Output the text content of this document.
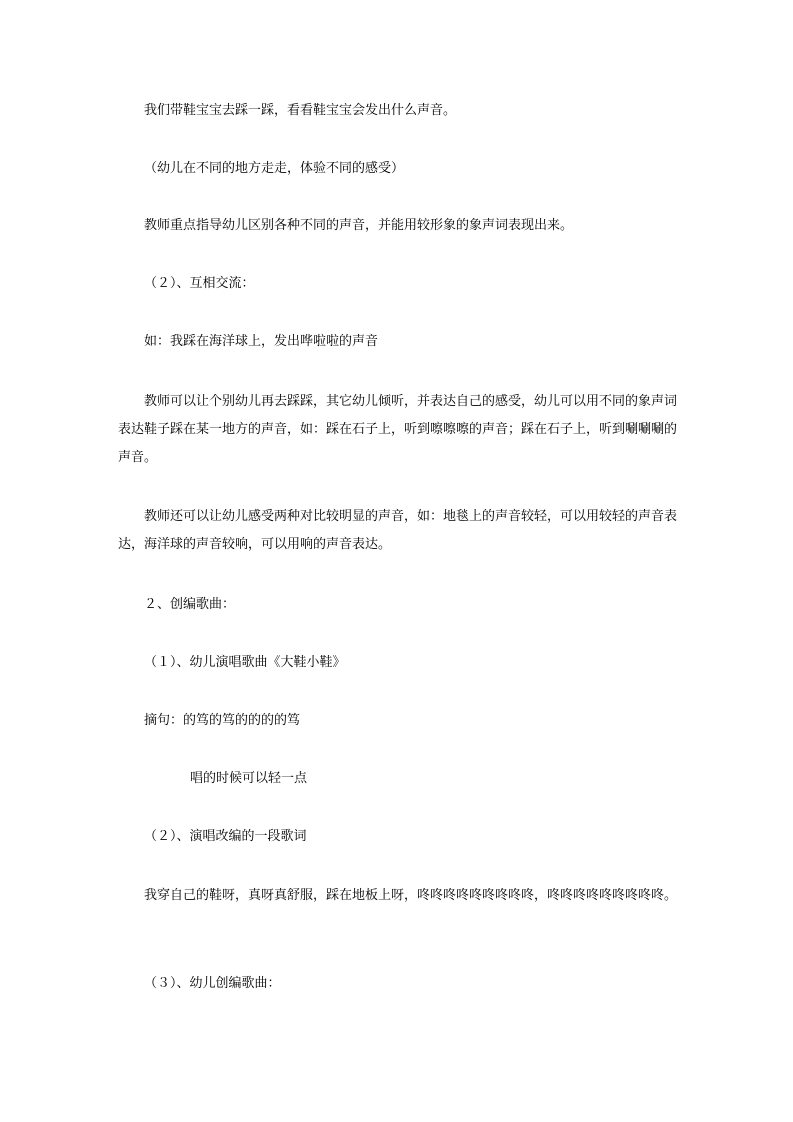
我们带鞋宝宝去踩一踩，看看鞋宝宝会发出什么声音。

（幼儿在不同的地方走走，体验不同的感受）

教师重点指导幼儿区别各种不同的声音，并能用较形象的象声词表现出来。

（２）、互相交流：

如：我踩在海洋球上，发出哗啦啦的声音

教师可以让个别幼儿再去踩踩，其它幼儿倾听，并表达自己的感受，幼儿可以用不同的象声词表达鞋子踩在某一地方的声音，如：踩在石子上，听到嚓嚓嚓的声音；踩在石子上，听到唰唰唰的声音。

教师还可以让幼儿感受两种对比较明显的声音，如：地毯上的声音较轻，可以用较轻的声音表达，海洋球的声音较响，可以用响的声音表达。

２、创编歌曲：

（１）、幼儿演唱歌曲《大鞋小鞋》

摘句：的笃的笃的的的的笃

唱的时候可以轻一点

（２）、演唱改编的一段歌词

我穿自己的鞋呀，真呀真舒服，踩在地板上呀，咚咚咚咚咚咚咚咚咚，咚咚咚咚咚咚咚咚咚。

（３）、幼儿创编歌曲：
